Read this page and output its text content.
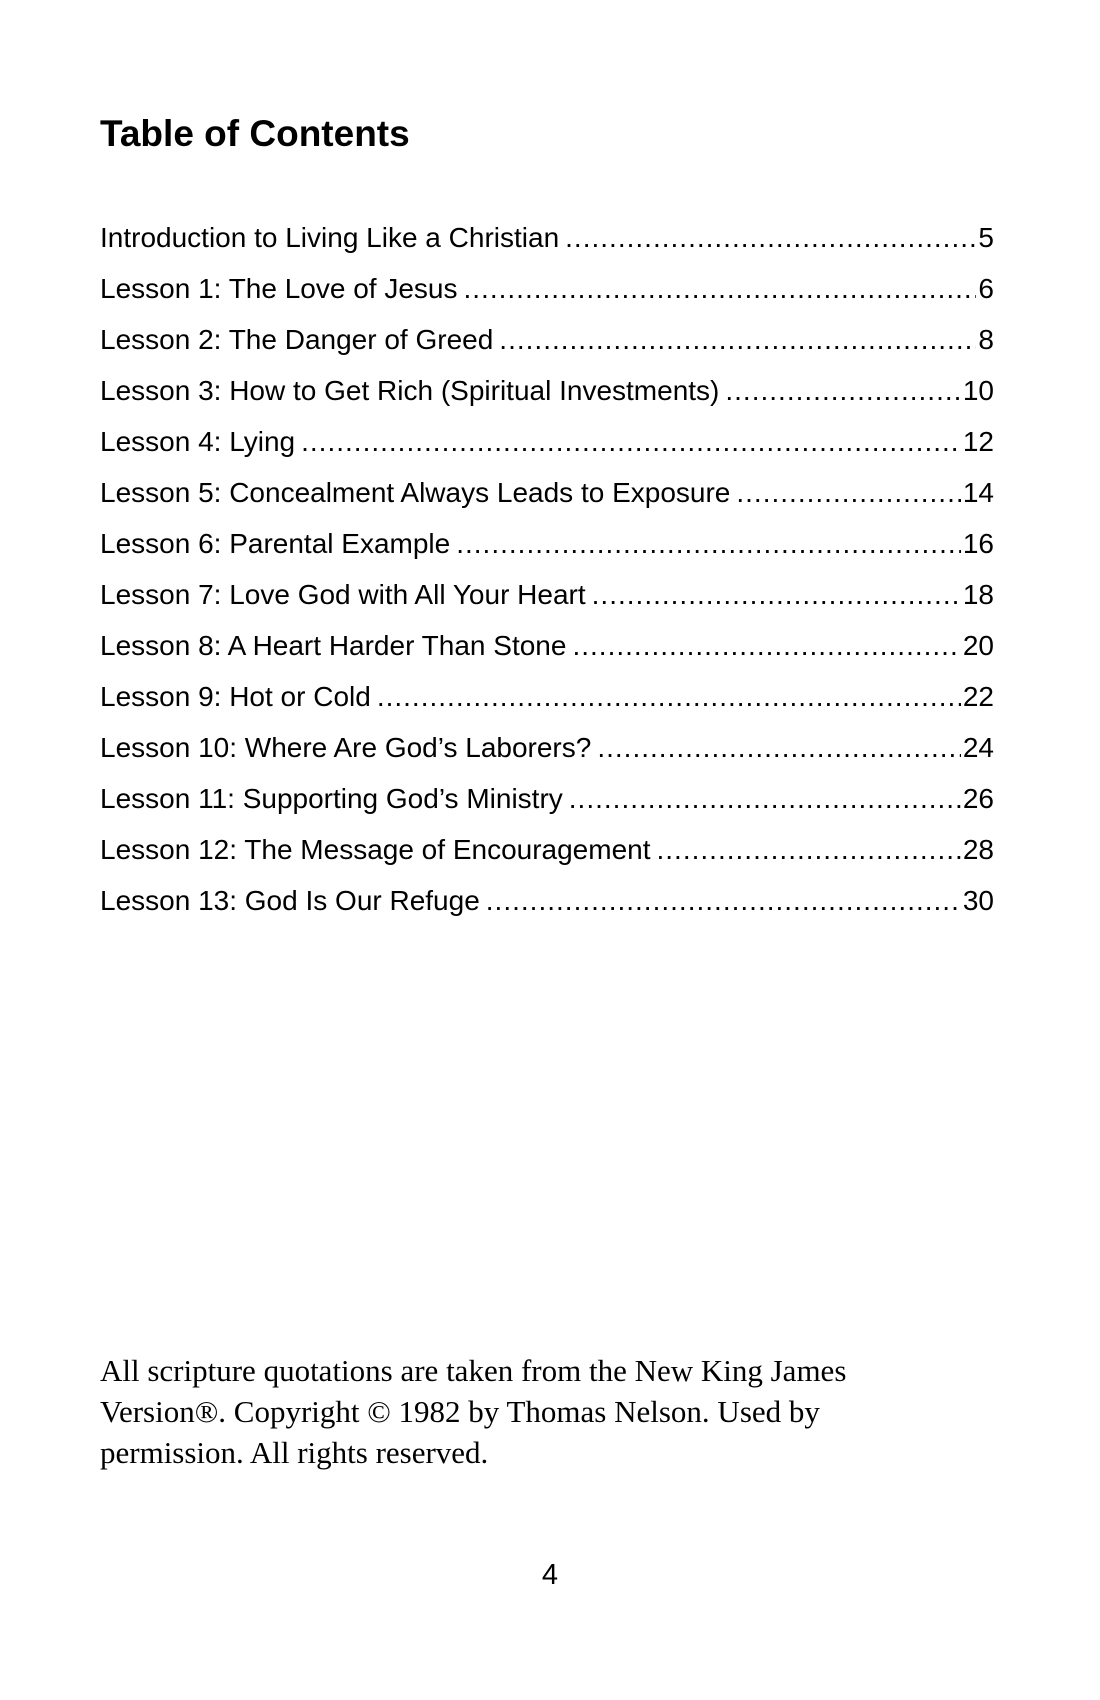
Table of Contents
Introduction to Living Like a Christian .....	5
Lesson 1: The Love of Jesus .....	6
Lesson 2: The Danger of Greed .....	8
Lesson 3: How to Get Rich (Spiritual Investments) .....	10
Lesson 4: Lying .....	12
Lesson 5: Concealment Always Leads to Exposure .....	14
Lesson 6: Parental Example .....	16
Lesson 7: Love God with All Your Heart .....	18
Lesson 8: A Heart Harder Than Stone .....	20
Lesson 9: Hot or Cold .....	22
Lesson 10: Where Are God’s Laborers? .....	24
Lesson 11: Supporting God’s Ministry .....	26
Lesson 12: The Message of Encouragement .....	28
Lesson 13: God Is Our Refuge .....	30

All scripture quotations are taken from the New King James Version®. Copyright © 1982 by Thomas Nelson. Used by permission. All rights reserved.

4
